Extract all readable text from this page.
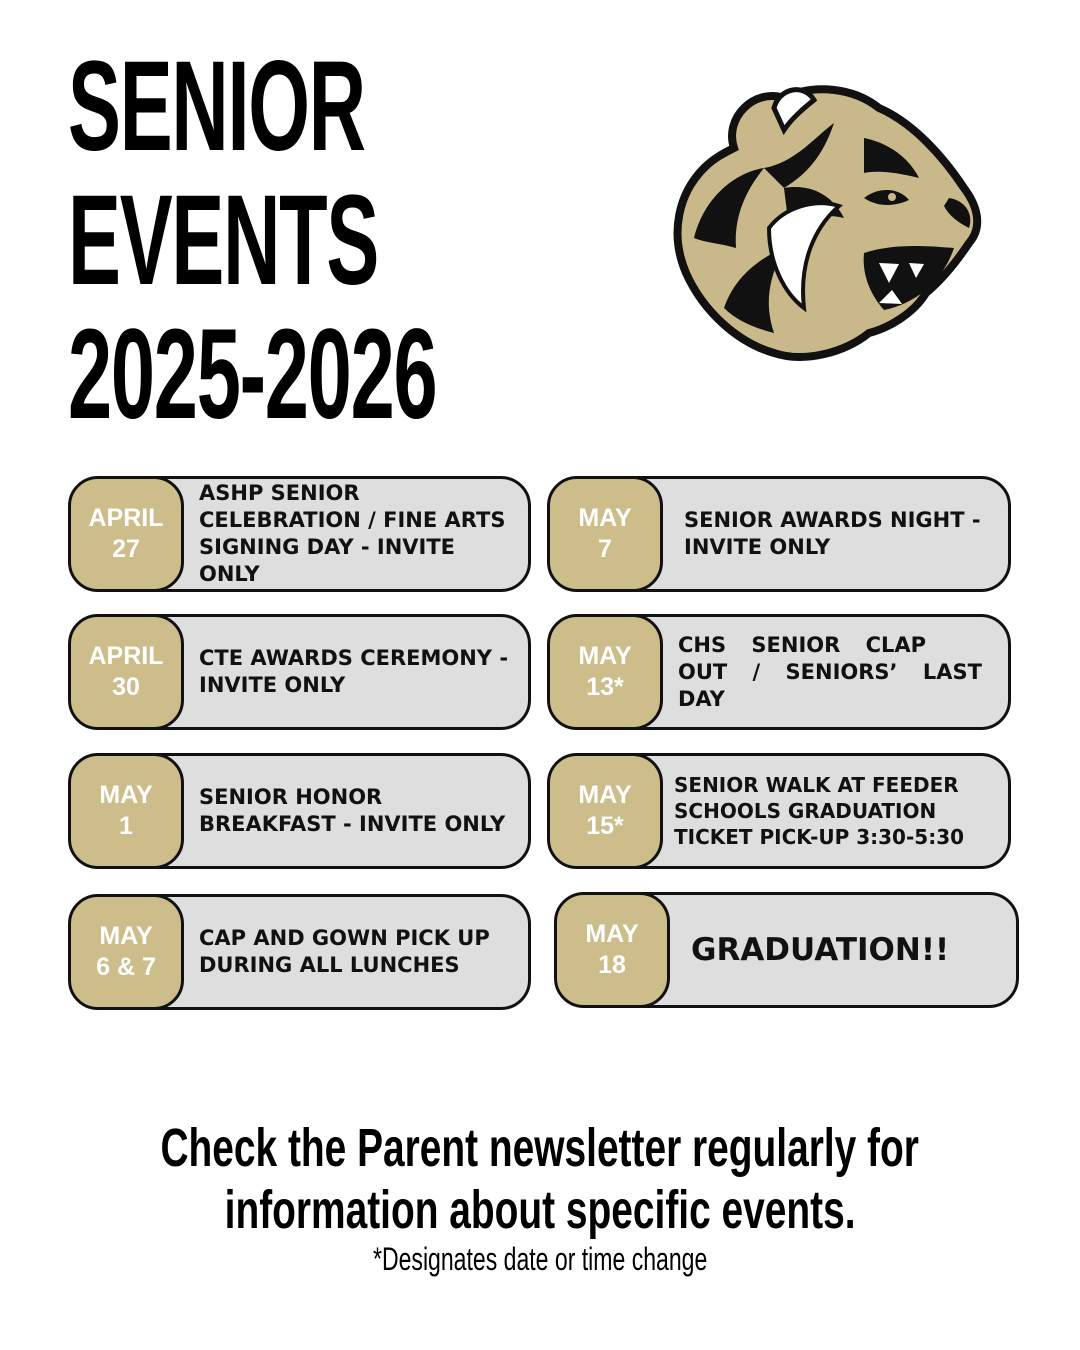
SENIOR
EVENTS
2025-2026
APRIL
27
ASHP SENIOR CELEBRATION / FINE ARTS SIGNING DAY - INVITE ONLY
MAY
7
SENIOR AWARDS NIGHT - INVITE ONLY
APRIL
30
CTE AWARDS CEREMONY - INVITE ONLY
MAY
13*
CHS SENIOR CLAP OUT / SENIORS’ LAST DAY
MAY
1
SENIOR HONOR BREAKFAST - INVITE ONLY
MAY
15*
SENIOR WALK AT FEEDER SCHOOLS GRADUATION TICKET PICK-UP 3:30-5:30
MAY
6 & 7
CAP AND GOWN PICK UP DURING ALL LUNCHES
MAY
18 GRADUATION!!
Check the Parent newsletter regularly for
information about specific events.
*Designates date or time change
